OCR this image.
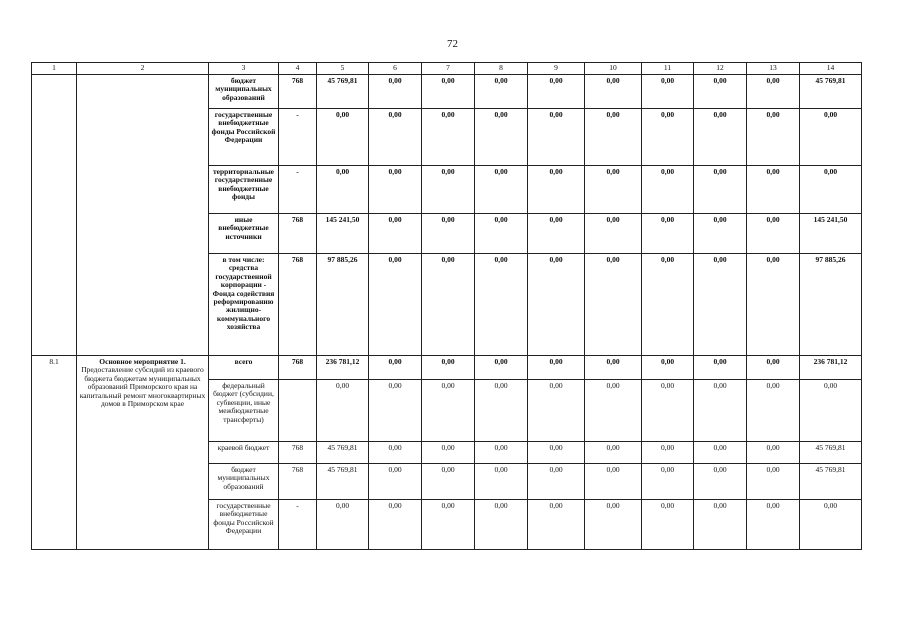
72
1	2	3	4	5	6	7	8	9	10	11	12	13	14
		бюджет муниципальных образований	768	45 769,81	0,00	0,00	0,00	0,00	0,00	0,00	0,00	0,00	45 769,81
		государственные внебюджетные фонды Российской Федерации	-	0,00	0,00	0,00	0,00	0,00	0,00	0,00	0,00	0,00	0,00
		территориальные государственные внебюджетные фонды	-	0,00	0,00	0,00	0,00	0,00	0,00	0,00	0,00	0,00	0,00
		иные внебюджетные источники	768	145 241,50	0,00	0,00	0,00	0,00	0,00	0,00	0,00	0,00	145 241,50
		в том числе: средства государственной корпорации - Фонда содействия реформированию жилищно-коммунального хозяйства	768	97 885,26	0,00	0,00	0,00	0,00	0,00	0,00	0,00	0,00	97 885,26
8.1	Основное мероприятие 1.
Предоставление субсидий из краевого бюджета бюджетам муниципальных образований Приморского края на капитальный ремонт многоквартирных домов в Приморском крае	всего	768	236 781,12	0,00	0,00	0,00	0,00	0,00	0,00	0,00	0,00	236 781,12
		федеральный бюджет (субсидии, субвенции, иные межбюджетные трансферты)		0,00	0,00	0,00	0,00	0,00	0,00	0,00	0,00	0,00	0,00
		краевой бюджет	768	45 769,81	0,00	0,00	0,00	0,00	0,00	0,00	0,00	0,00	45 769,81
		бюджет муниципальных образований	768	45 769,81	0,00	0,00	0,00	0,00	0,00	0,00	0,00	0,00	45 769,81
		государственные внебюджетные фонды Российской Федерации	-	0,00	0,00	0,00	0,00	0,00	0,00	0,00	0,00	0,00	0,00
